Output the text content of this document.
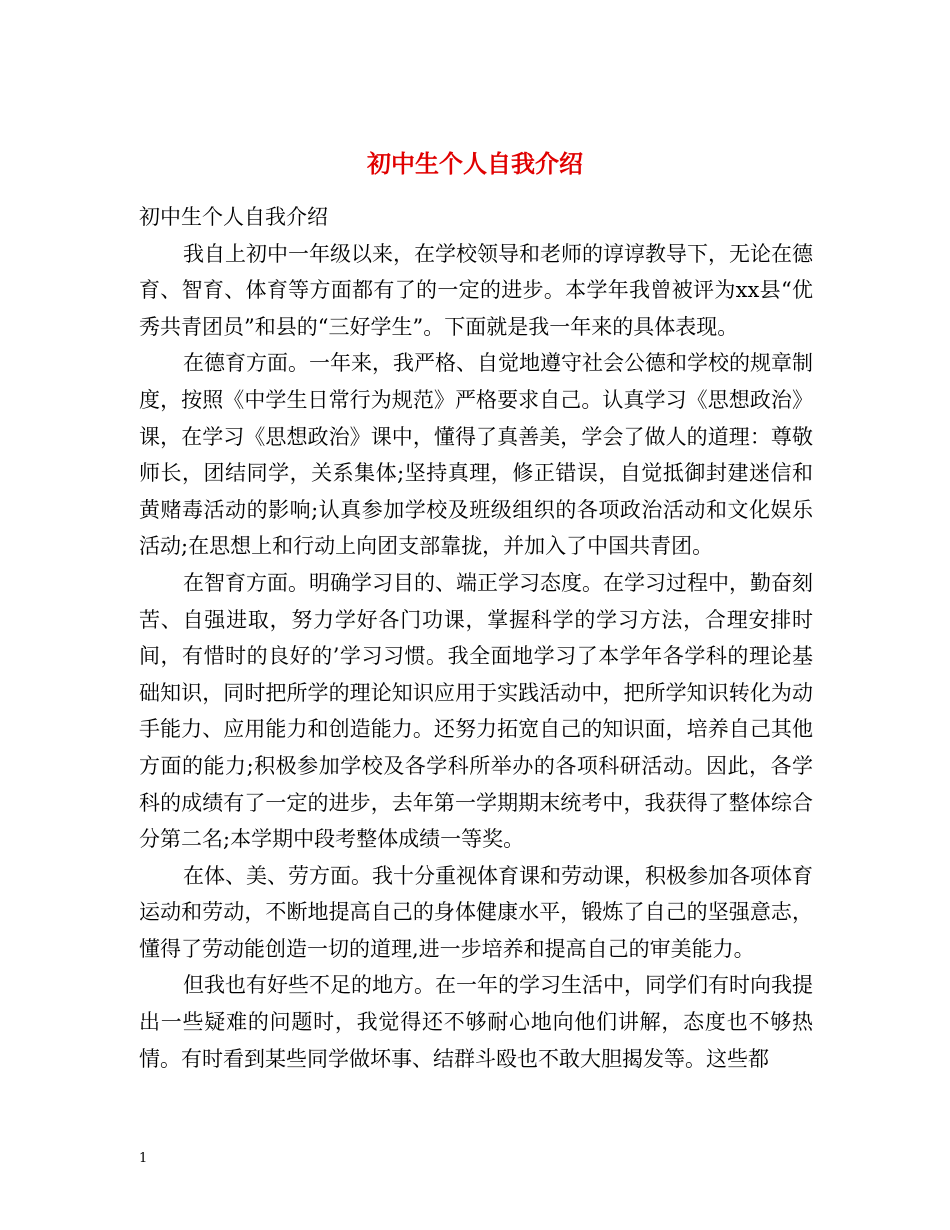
初中生个人自我介绍

初中生个人自我介绍

我自上初中一年级以来，在学校领导和老师的谆谆教导下，无论在德育、智育、体育等方面都有了的一定的进步。本学年我曾被评为xx县“优秀共青团员”和县的“三好学生”。下面就是我一年来的具体表现。

在德育方面。一年来，我严格、自觉地遵守社会公德和学校的规章制度，按照《中学生日常行为规范》严格要求自己。认真学习《思想政治》课，在学习《思想政治》课中，懂得了真善美，学会了做人的道理：尊敬师长，团结同学，关系集体;坚持真理，修正错误，自觉抵御封建迷信和黄赌毒活动的影响;认真参加学校及班级组织的各项政治活动和文化娱乐活动;在思想上和行动上向团支部靠拢，并加入了中国共青团。

在智育方面。明确学习目的、端正学习态度。在学习过程中，勤奋刻苦、自强进取，努力学好各门功课，掌握科学的学习方法，合理安排时间，有惜时的良好的’学习习惯。我全面地学习了本学年各学科的理论基础知识，同时把所学的理论知识应用于实践活动中，把所学知识转化为动手能力、应用能力和创造能力。还努力拓宽自己的知识面，培养自己其他方面的能力;积极参加学校及各学科所举办的各项科研活动。因此，各学科的成绩有了一定的进步，去年第一学期期末统考中，我获得了整体综合分第二名;本学期中段考整体成绩一等奖。

在体、美、劳方面。我十分重视体育课和劳动课，积极参加各项体育运动和劳动，不断地提高自己的身体健康水平，锻炼了自己的坚强意志，懂得了劳动能创造一切的道理,进一步培养和提高自己的审美能力。

但我也有好些不足的地方。在一年的学习生活中，同学们有时向我提出一些疑难的问题时，我觉得还不够耐心地向他们讲解，态度也不够热情。有时看到某些同学做坏事、结群斗殴也不敢大胆揭发等。这些都

1
